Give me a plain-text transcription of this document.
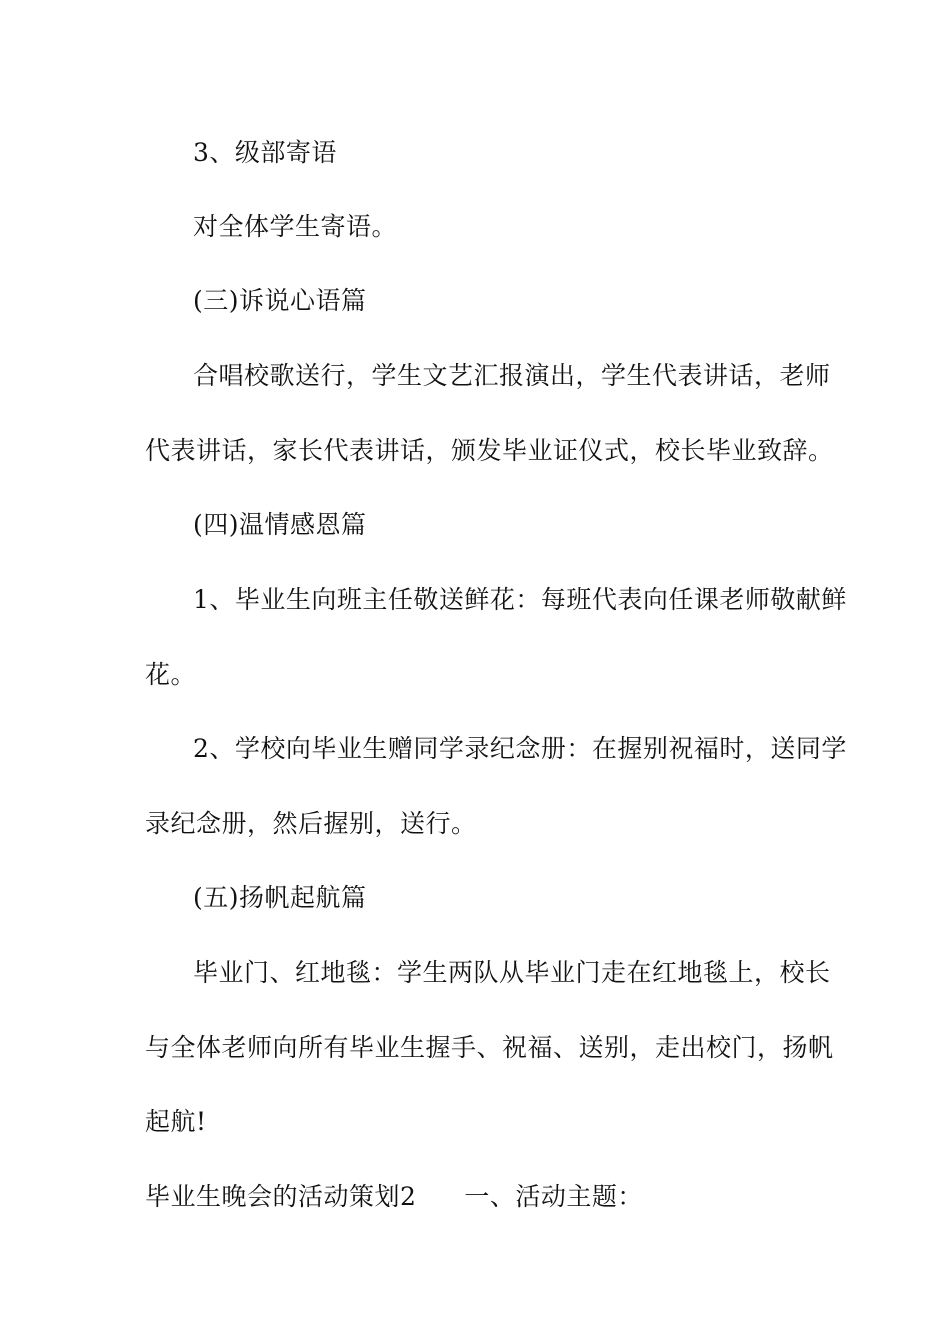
3、级部寄语
对全体学生寄语。
(三)诉说心语篇
合唱校歌送行，学生文艺汇报演出，学生代表讲话，老师
代表讲话，家长代表讲话，颁发毕业证仪式，校长毕业致辞。
(四)温情感恩篇
1、毕业生向班主任敬送鲜花：每班代表向任课老师敬献鲜
花。
2、学校向毕业生赠同学录纪念册：在握别祝福时，送同学
录纪念册，然后握别，送行。
(五)扬帆起航篇
毕业门、红地毯：学生两队从毕业门走在红地毯上，校长
与全体老师向所有毕业生握手、祝福、送别，走出校门，扬帆
起航!
毕业生晚会的活动策划2 一、活动主题：
